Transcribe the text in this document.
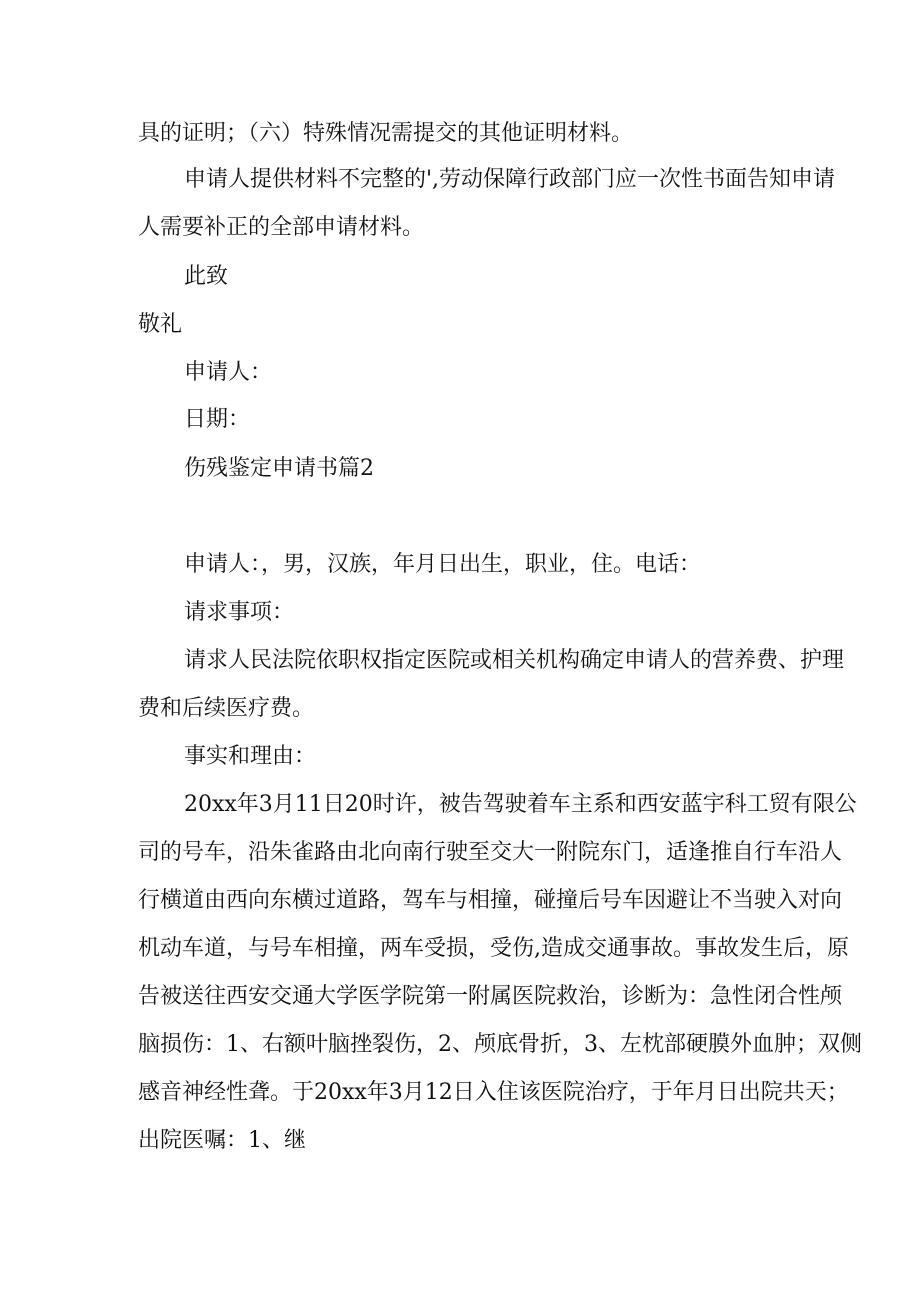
具的证明；（六）特殊情况需提交的其他证明材料。
申请人提供材料不完整的',劳动保障行政部门应一次性书面告知申请
人需要补正的全部申请材料。
此致
敬礼
申请人：
日期：
伤残鉴定申请书篇2
申请人：，男，汉族，年月日出生，职业，住。电话：
请求事项：
请求人民法院依职权指定医院或相关机构确定申请人的营养费、护理
费和后续医疗费。
事实和理由：
20xx年3月11日20时许，被告驾驶着车主系和西安蓝宇科工贸有限公
司的号车，沿朱雀路由北向南行驶至交大一附院东门，适逢推自行车沿人
行横道由西向东横过道路，驾车与相撞，碰撞后号车因避让不当驶入对向
机动车道，与号车相撞，两车受损，受伤,造成交通事故。事故发生后，原
告被送往西安交通大学医学院第一附属医院救治，诊断为：急性闭合性颅
脑损伤：1、右额叶脑挫裂伤，2、颅底骨折，3、左枕部硬膜外血肿；双侧
感音神经性聋。于20xx年3月12日入住该医院治疗，于年月日出院共天；
出院医嘱：1、继
